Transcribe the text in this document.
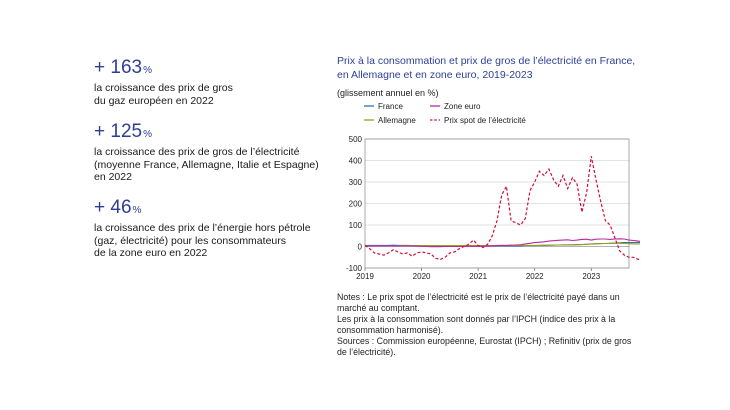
+ 163%
la croissance des prix de gros
du gaz européen en 2022
+ 125%
la croissance des prix de gros de l’électricité
(moyenne France, Allemagne, Italie et Espagne)
en 2022
+ 46%
la croissance des prix de l’énergie hors pétrole
(gaz, électricité) pour les consommateurs
de la zone euro en 2022
Prix à la consommation et prix de gros de l’électricité en France,
en Allemagne et en zone euro, 2019-2023
(glissement annuel en %)
France	Zone euro
Allemagne	Prix spot de l’électricité
-100
0
100
200
300
400
500
2019	2020	2021	2022	2023
Notes : Le prix spot de l’électricité est le prix de l’électricité payé dans un marché au comptant.
Les prix à la consommation sont donnés par l’IPCH (indice des prix à la consommation harmonisé).
Sources : Commission européenne, Eurostat (IPCH) ; Refinitiv (prix de gros de l’électricité).
